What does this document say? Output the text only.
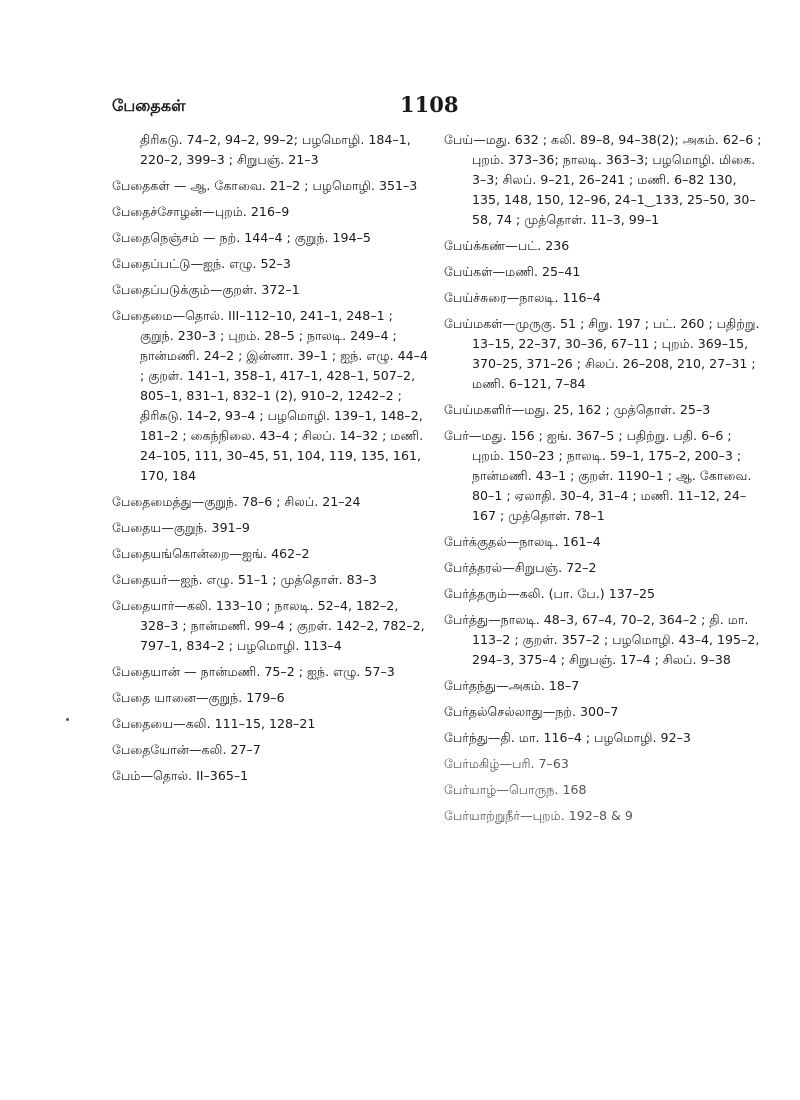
பேதைகள்	1108

திரிகடு. 74–2, 94–2, 99–2; பழமொழி. 184–1, 220–2, 399–3 ; சிறுபஞ். 21–3

பேதைகள் — ஆ. கோவை. 21–2 ; பழமொழி. 351–3

பேதைச்சோழன்—புறம். 216–9

பேதைநெஞ்சம் — நற். 144–4 ; குறுந். 194–5

பேதைப்பட்டு—ஐந். எழு. 52–3

பேதைப்படுக்கும்—குறள். 372–1

பேதைமை—தொல். III–112–10, 241–1, 248–1 ; குறுந். 230–3 ; புறம். 28–5 ; நாலடி. 249–4 ; நான்மணி. 24–2 ; இன்னா. 39–1 ; ஐந். எழு. 44–4 ; குறள். 141–1, 358–1, 417–1, 428–1, 507–2, 805–1, 831–1, 832–1 (2), 910–2, 1242–2 ; திரிகடு. 14–2, 93–4 ; பழமொழி. 139–1, 148–2, 181–2 ; கைந்நிலை. 43–4 ; சிலப். 14–32 ; மணி. 24–105, 111, 30–45, 51, 104, 119, 135, 161, 170, 184

பேதைமைத்து—குறுந். 78–6 ; சிலப். 21–24

பேதைய—குறுந். 391–9

பேதையங்கொன்றை—ஐங். 462–2

பேதையர்—ஐந். எழு. 51–1 ; முத்தொள். 83–3

பேதையார்—கலி. 133–10 ; நாலடி. 52–4, 182–2, 328–3 ; நான்மணி. 99–4 ; குறள். 142–2, 782–2, 797–1, 834–2 ; பழமொழி. 113–4

பேதையான் — நான்மணி. 75–2 ; ஐந். எழு. 57–3

பேதை யானை—குறுந். 179–6

பேதையை—கலி. 111–15, 128–21

பேதையோன்—கலி. 27–7

பேம்—தொல். II–365–1

பேய்—மது. 632 ; கலி. 89–8, 94–38(2); அகம். 62–6 ; புறம். 373–36; நாலடி. 363–3; பழமொழி. மிகை. 3–3; சிலப். 9–21, 26–241 ; மணி. 6–82 130, 135, 148, 150, 12–96, 24–1‿133, 25–50, 30–58, 74 ; முத்தொள். 11–3, 99–1

பேய்க்கண்—பட். 236

பேய்கள்—மணி. 25–41

பேய்ச்சுரை—நாலடி. 116–4

பேய்மகள்—முருகு. 51 ; சிறு. 197 ; பட். 260 ; பதிற்று. 13–15, 22–37, 30–36, 67–11 ; புறம். 369–15, 370–25, 371–26 ; சிலப். 26–208, 210, 27–31 ; மணி. 6–121, 7–84

பேய்மகளிர்—மது. 25, 162 ; முத்தொள். 25–3

பேர்—மது. 156 ; ஐங். 367–5 ; பதிற்று. பதி. 6–6 ; புறம். 150–23 ; நாலடி. 59–1, 175–2, 200–3 ; நான்மணி. 43–1 ; குறள். 1190–1 ; ஆ. கோவை. 80–1 ; ஏலாதி. 30–4, 31–4 ; மணி. 11–12, 24–167 ; முத்தொள். 78–1

பேர்க்குதல்—நாலடி. 161–4

பேர்த்தரல்—சிறுபஞ். 72–2

பேர்த்தரும்—கலி. (பா. பே.) 137–25

பேர்த்து—நாலடி. 48–3, 67–4, 70–2, 364–2 ; தி. மா. 113–2 ; குறள். 357–2 ; பழமொழி. 43–4, 195–2, 294–3, 375–4 ; சிறுபஞ். 17–4 ; சிலப். 9–38

பேர்தந்து—அகம். 18–7

பேர்தல்செல்லாது—நற். 300–7

பேர்ந்து—தி. மா. 116–4 ; பழமொழி. 92–3

பேர்மகிழ்—பரி. 7–63

பேர்யாழ்—பொருந. 168

பேர்யாற்றுநீர்—புறம். 192–8 & 9
